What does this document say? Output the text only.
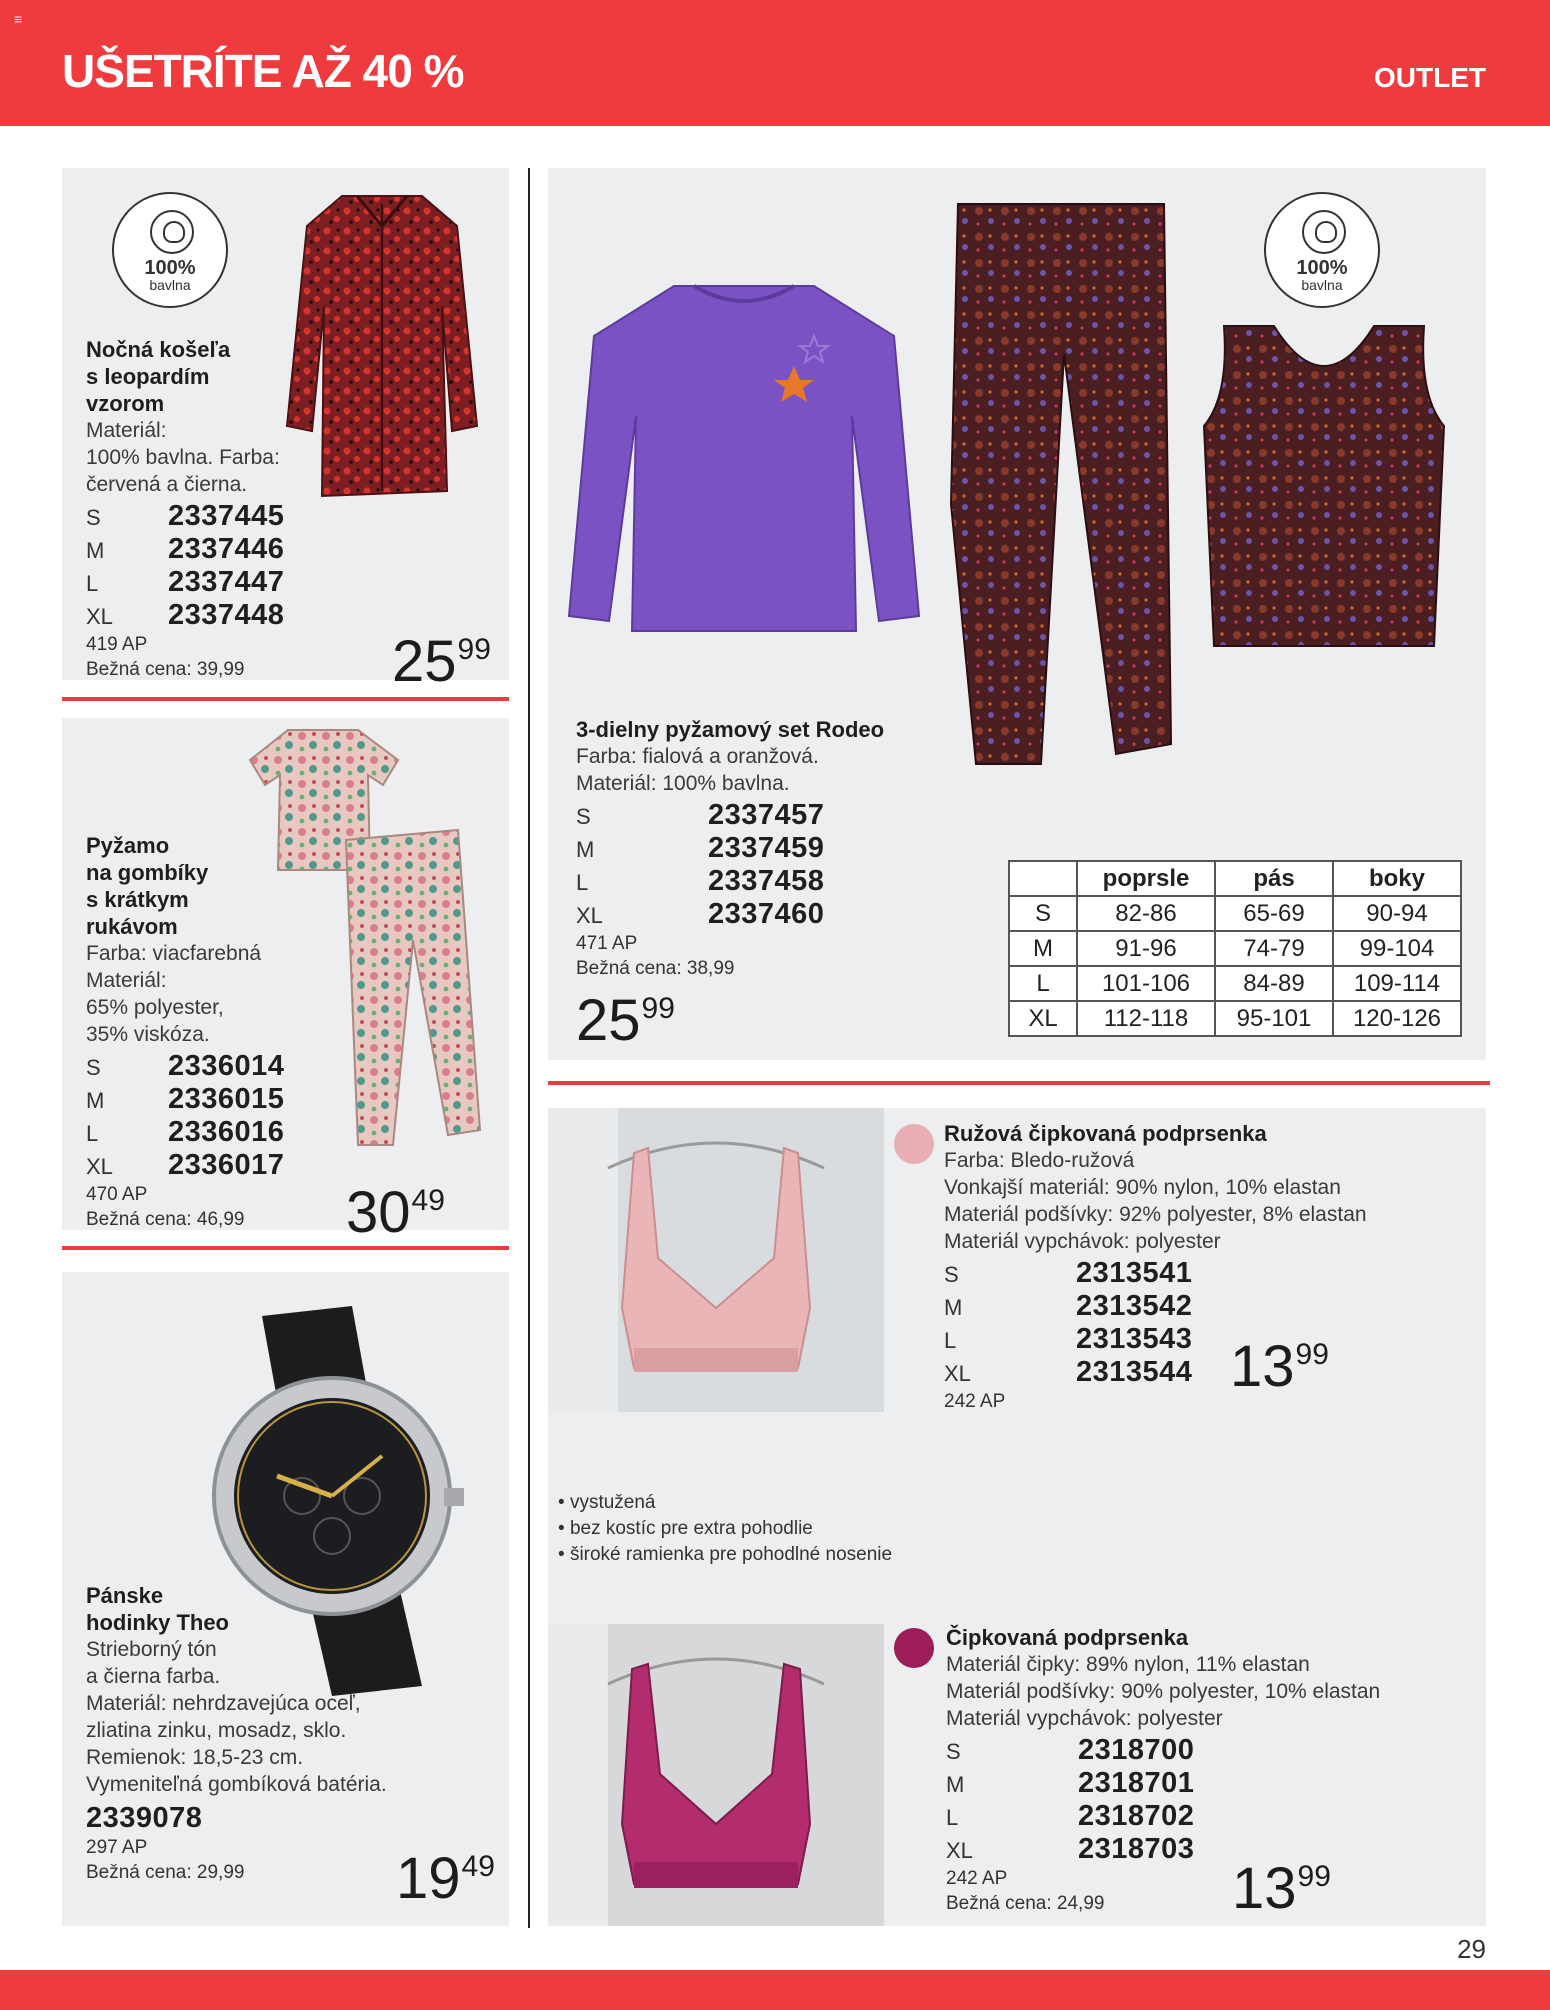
≡
UŠETRÍTE AŽ 40 %	OUTLET
100%
bavlna
Nočná košeľa
s leopardím
vzorom
Materiál:
100% bavlna. Farba:
červená a čierna.
S	2337445
M	2337446
L	2337447
XL	2337448
419 AP
Bežná cena: 39,99	$25^{99}$
Pyžamo
na gombíky
s krátkym
rukávom
Farba: viacfarebná
Materiál:
65% polyester,
35% viskóza.
S	2336014
M	2336015
L	2336016
XL	2336017
470 AP
Bežná cena: 46,99	$30^{49}$
Pánske
hodinky Theo
Strieborný tón
a čierna farba.
Materiál: nehrdzavejúca oceľ,
zliatina zinku, mosadz, sklo.
Remienok: 18,5-23 cm.
Vymeniteľná gombíková batéria.
2339078
297 AP
Bežná cena: 29,99	$19^{49}$
100%
bavlna
3-dielny pyžamový set Rodeo
Farba: fialová a oranžová.
Materiál: 100% bavlna.
S	2337457
M	2337459
L	2337458
XL	2337460
471 AP
Bežná cena: 38,99
$25^{99}$
	poprsle	pás	boky
S	82-86	65-69	90-94
M	91-96	74-79	99-104
L	101-106	84-89	109-114
XL	112-118	95-101	120-126
Ružová čipkovaná podprsenka
Farba: Bledo-ružová
Vonkajší materiál: 90% nylon, 10% elastan
Materiál podšívky: 92% polyester, 8% elastan
Materiál vypchávok: polyester
S	2313541
M	2313542
L	2313543
XL	2313544
242 AP
$13^{99}$
• vystužená
• bez kostíc pre extra pohodlie
• široké ramienka pre pohodlné nosenie
Čipkovaná podprsenka
Materiál čipky: 89% nylon, 11% elastan
Materiál podšívky: 90% polyester, 10% elastan
Materiál vypchávok: polyester
S	2318700
M	2318701
L	2318702
XL	2318703
242 AP
Bežná cena: 24,99	$13^{99}$
29
